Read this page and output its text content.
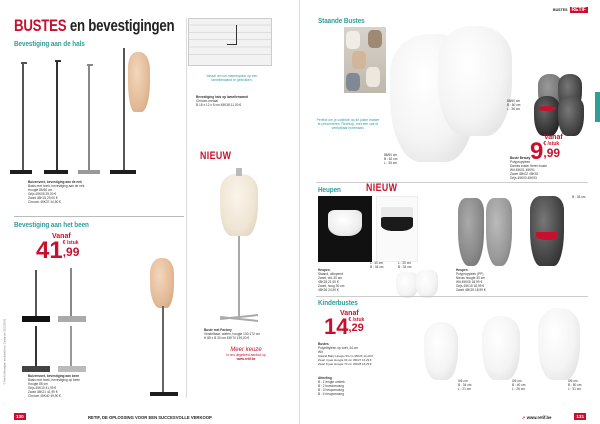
BUSTES en bevestigingen
Bevestiging aan de hals
Buizenvoet, bevestiging aan de nek
Basis met hoek, bevestiging aan de nek
Hoogte 85/50 cm
Grijs 45K05 29,00 €
Zwart 45K15 29,00 €
Chroom 45K37 44,50 €
Ideaal om uw mannequins op een lamellenwand te gebruiken.
Bevestiging hals op lamellenwand
Chroom-metaal
B 18 x 12 x 5 cm 45K38 11,00 €
NIEUW
Buste met Factory
Verstelbaar, wielen, hoogte 130-172 cm
H 85 x B 30 cm 45K70 139,00 €
Meer keuze
in ons uitgebreid aanbod op
www.retif.be
Bevestiging aan het been
Vanaf
41 € /stuk
,99
Buizenvoet, bevestiging aan been
Basis met hoek, bevestiging op been
Hoogte 85 cm
Grijs 45K10 41,99 €
Zwart 45K21 41,99 €
Chroom 45K40 49,90 €
© Retif | Alle prijzen exclusief btw | Geldig t/m 31/12/2021
130	RETIF, DE OPLOSSING VOOR EEN SUCCESVOLLE VERKOOP
BUSTES RETIF
Staande Bustes
Perfect om je collectie op de juiste manier te presenteren. Rechtop, met een vak of verrijdbaar bovenaan.
88/60 cm
B : 62 cm
L : 35 cm
88/60 cm
B : 60 cm
L : 36 cm
Vanaf
9 € /stuk
,99
Buste Beauty
Polypropyleen
Dames buste Heren buste
Wit 45K01 45K91
Zwart 45K02 45K92
Grijs 45K03 45K93
Heupen NIEUW
L : 30 cm
B : 34 cm
L : 30 cm
B : 34 cm
Heupen
Staand, uitlopend
Zwart, wit, 30 cm
45K35 21,90 €
Zwart, hoog 30 cm
45K36 24,90 €
B : 34 cm
Heupen
Polypropyleen (PP)
Nieuw hoogte 30 cm
Wit 45K05 18,99 €
Grijs 45K15 18,99 €
Zwart 45K25 18,99 €
Kinderbustes
Vanaf
14 € /stuk
,29
Bustes
Polyethyleen op voet, 44 cm
Wit
Staand Baby Hoogte 50 cm 45K26 14,29 €
Zwart 4 jaar Hoogte 60 cm 45K27 16,29 €
Zwart 8 jaar Hoogte 70 cm 45K28 18,29 €
Afmeting
B : 1 lengte omtrek
B : 2 borstomvang
B : 3 heupomvang
B : 4 heupomvang
0/6 cm
B : 34 cm
L : 21 cm
0/6 cm
B : 40 cm
L : 26 cm
0/6 cm
B : 50 cm
L : 31 cm
➚ www.retif.be	131
